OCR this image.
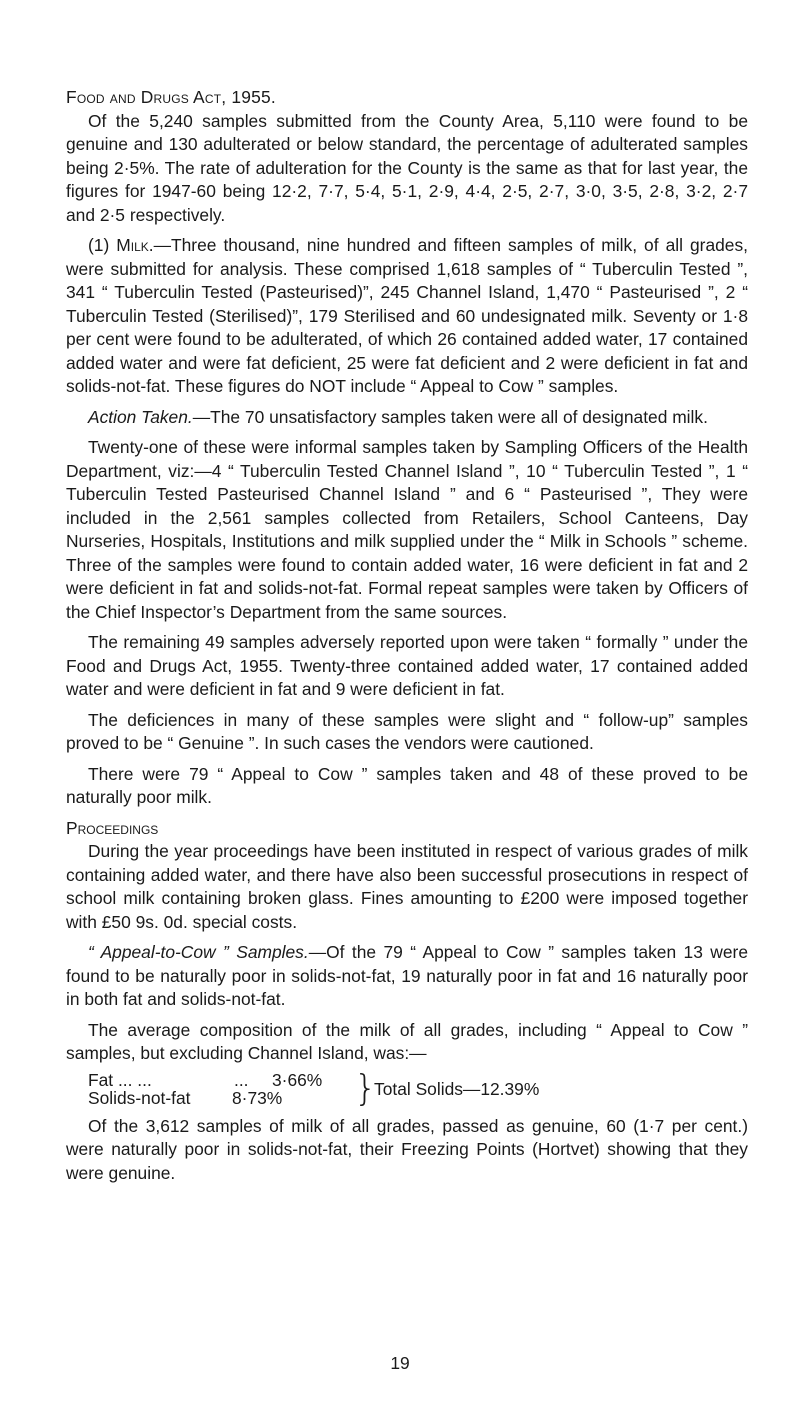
Food and Drugs Act, 1955.

Of the 5,240 samples submitted from the County Area, 5,110 were found to be genuine and 130 adulterated or below standard, the percentage of adulterated samples being 2·5%. The rate of adulteration for the County is the same as that for last year, the figures for 1947-60 being 12·2, 7·7, 5·4, 5·1, 2·9, 4·4, 2·5, 2·7, 3·0, 3·5, 2·8, 3·2, 2·7 and 2·5 respectively.

(1) Milk.—Three thousand, nine hundred and fifteen samples of milk, of all grades, were submitted for analysis. These comprised 1,618 samples of “ Tuberculin Tested ”, 341 “ Tuberculin Tested (Pasteurised)”, 245 Channel Island, 1,470 “ Pasteurised ”, 2 “ Tuberculin Tested (Sterilised)”, 179 Sterilised and 60 undesignated milk. Seventy or 1·8 per cent were found to be adulterated, of which 26 contained added water, 17 contained added water and were fat deficient, 25 were fat deficient and 2 were deficient in fat and solids-not-fat. These figures do NOT include “ Appeal to Cow ” samples.

Action Taken.—The 70 unsatisfactory samples taken were all of designated milk.

Twenty-one of these were informal samples taken by Sampling Officers of the Health Department, viz:—4 “ Tuberculin Tested Channel Island ”, 10 “ Tuberculin Tested ”, 1 “ Tuberculin Tested Pasteurised Channel Island ” and 6 “ Pasteurised ”, They were included in the 2,561 samples collected from Retailers, School Canteens, Day Nurseries, Hospitals, Institutions and milk supplied under the “ Milk in Schools ” scheme. Three of the samples were found to contain added water, 16 were deficient in fat and 2 were deficient in fat and solids-not-fat. Formal repeat samples were taken by Officers of the Chief Inspector’s Department from the same sources.

The remaining 49 samples adversely reported upon were taken “ formally ” under the Food and Drugs Act, 1955. Twenty-three contained added water, 17 contained added water and were deficient in fat and 9 were deficient in fat.

The deficiences in many of these samples were slight and “ follow-up” samples proved to be “ Genuine ”. In such cases the vendors were cautioned.

There were 79 “ Appeal to Cow ” samples taken and 48 of these proved to be naturally poor milk.

Proceedings

During the year proceedings have been instituted in respect of various grades of milk containing added water, and there have also been successful prosecutions in respect of school milk containing broken glass. Fines amounting to £200 were imposed together with £50 9s. 0d. special costs.

“ Appeal-to-Cow ” Samples.—Of the 79 “ Appeal to Cow ” samples taken 13 were found to be naturally poor in solids-not-fat, 19 naturally poor in fat and 16 naturally poor in both fat and solids-not-fat.

The average composition of the milk of all grades, including “ Appeal to Cow ” samples, but excluding Channel Island, was:—

Fat ... ...	... 3·66%
Solids-not-fat 8·73% }
Total Solids—12.39%

Of the 3,612 samples of milk of all grades, passed as genuine, 60 (1·7 per cent.) were naturally poor in solids-not-fat, their Freezing Points (Hortvet) showing that they were genuine.

19
